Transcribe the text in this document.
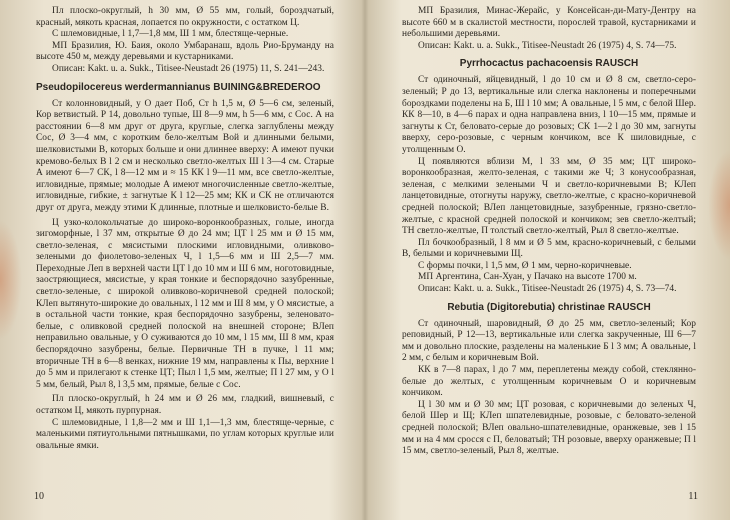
Пл плоско-округлый, h 30 мм, Ø 55 мм, голый, бороздчатый, красный, мякоть красная, лопается по окружности, с остатком Ц.

С шлемовидные, l 1,7—1,8 мм, Ш 1 мм, блестяще-черные.

МП Бразилия, Ю. Баия, около Умбаранаш, вдоль Рио-Бруманду на высоте 450 м, между деревьями и кустарниками.

Описан: Kakt. u. a. Sukk., Titisee-Neustadt 26 (1975) 11, S. 241—243.

Pseudopilocereus werdermannianus BUINING&BREDEROO

Ст колонновидный, у О дает Поб, Ст h 1,5 м, Ø 5—6 см, зеленый, Кор ветвистый. Р 14, довольно тупые, Ш 8—9 мм, h 5—6 мм, с Сос. А на расстоянии 6—8 мм друг от друга, круглые, слегка заглублены между Сос, Ø 3—4 мм, с коротким бело-желтым Вой и длинными белыми, шелковистыми В, которых больше и они длиннее вверху: А имеют пучки кремово-белых В l 2 см и несколько светло-желтых Ш l 3—4 см. Старые А имеют 6—7 СК, l 8—12 мм и ≈ 15 КК l 9—11 мм, все светло-желтые, игловидные, прямые; молодые А имеют многочисленные светло-желтые, игловидные, гибкие, ± загнутые К l 12—25 мм; КК и СК не отличаются друг от друга, между этими К длинные, плотные и шелковисто-белые В.

Ц узко-колокольчатые до широко-воронкообразных, голые, иногда зигоморфные, l 37 мм, открытые Ø до 24 мм; ЦТ l 25 мм и Ø 15 мм, светло-зеленая, с мясистыми плоскими игловидными, оливково-зелеными до фиолетово-зеленых Ч, l 1,5—6 мм и Ш 2,5—7 мм. Переходные Леп в верхней части ЦТ l до 10 мм и Ш 6 мм, ноготовидные, заостряющиеся, мясистые, у края тонкие и беспорядочно зазубренные, светло-зеленые, с широкой оливково-коричневой средней полоской; КЛеп вытянуто-широкие до овальных, l 12 мм и Ш 8 мм, у О мясистые, а в остальной части тонкие, края беспорядочно зазубрены, зеленовато-белые, с оливковой средней полоской на внешней стороне; ВЛеп неправильно овальные, у О суживаются до 10 мм, l 15 мм, Ш 8 мм, края беспорядочно зазубрены, белые. Первичные ТН в пучке, l 11 мм; вторичные ТН в 6—8 венках, нижние 19 мм, направлены к Пы, верхние l до 5 мм и прилегают к стенке ЦТ; Пыл l 1,5 мм, желтые; П l 27 мм, у О l 5 мм, белый, Рыл 8, l 3,5 мм, прямые, белые с Сос.

Пл плоско-округлый, h 24 мм и Ø 26 мм, гладкий, вишневый, с остатком Ц, мякоть пурпурная.

С шлемовидные, l 1,8—2 мм и Ш 1,1—1,3 мм, блестяще-черные, с маленькими пятиугольными пятнышками, по углам которых круглые или овальные ямки.

10

МП Бразилия, Минас-Жерайс, у Консейсан-ди-Мату-Дентру на высоте 660 м в скалистой местности, порослей травой, кустарниками и небольшими деревьями.

Описан: Kakt. u. a. Sukk., Titisee-Neustadt 26 (1975) 4, S. 74—75.

Pyrrhocactus pachacoensis RAUSCH

Ст одиночный, яйцевидный, l до 10 см и Ø 8 см, светло-серо-зеленый; Р до 13, вертикальные или слегка наклонены и поперечными бороздками поделены на Б, Ш l 10 мм; А овальные, l 5 мм, с белой Шер. КК 8—10, в 4—6 парах и одна направлена вниз, l 10—15 мм, прямые и загнуты к Ст, беловато-серые до розовых; СК 1—2 l до 30 мм, загнуты вверху, серо-розовые, с черным кончиком, все К шиловидные, с утолщенным О.

Ц появляются вблизи М, l 33 мм, Ø 35 мм; ЦТ широко-воронкообразная, желто-зеленая, с такими же Ч; 3 конусообразная, зеленая, с мелкими зелеными Ч и светло-коричневыми В; КЛеп ланцетовидные, отогнуты наружу, светло-желтые, с красно-коричневой средней полоской; ВЛеп ланцетовидные, зазубренные, грязно-светло-желтые, с красной средней полоской и кончиком; зев светло-желтый; ТН светло-желтые, П толстый светло-желтый, Рыл 8 светло-желтые.

Пл бочкообразный, l 8 мм и Ø 5 мм, красно-коричневый, с белыми В, белыми и коричневыми Щ.

С формы почки, l 1,5 мм, Ø 1 мм, черно-коричневые.

МП Аргентина, Сан-Хуан, у Пачако на высоте 1700 м.

Описан: Kakt. u. a. Sukk., Titisee-Neustadt 26 (1975) 4, S. 73—74.

Rebutia (Digitorebutia) christinae RAUSCH

Ст одиночный, шаровидный, Ø до 25 мм, светло-зеленый; Кор реповидный, Р 12—13, вертикальные или слегка закрученные, Ш 6—7 мм и довольно плоские, разделены на маленькие Б l 3 мм; А овальные, l 2 мм, с белым и коричневым Вой.

КК в 7—8 парах, l до 7 мм, переплетены между собой, стеклянно-белые до желтых, с утолщенным коричневым О и коричневым кончиком.

Ц l 30 мм и Ø 30 мм; ЦТ розовая, с коричневыми до зеленых Ч, белой Шер и Щ; КЛеп шпателевидные, розовые, с беловато-зеленой средней полоской; ВЛеп овально-шпателевидные, оранжевые, зев l 15 мм и на 4 мм сросся с П, беловатый; ТН розовые, вверху оранжевые; П l 15 мм, светло-зеленый, Рыл 8, желтые.

11
